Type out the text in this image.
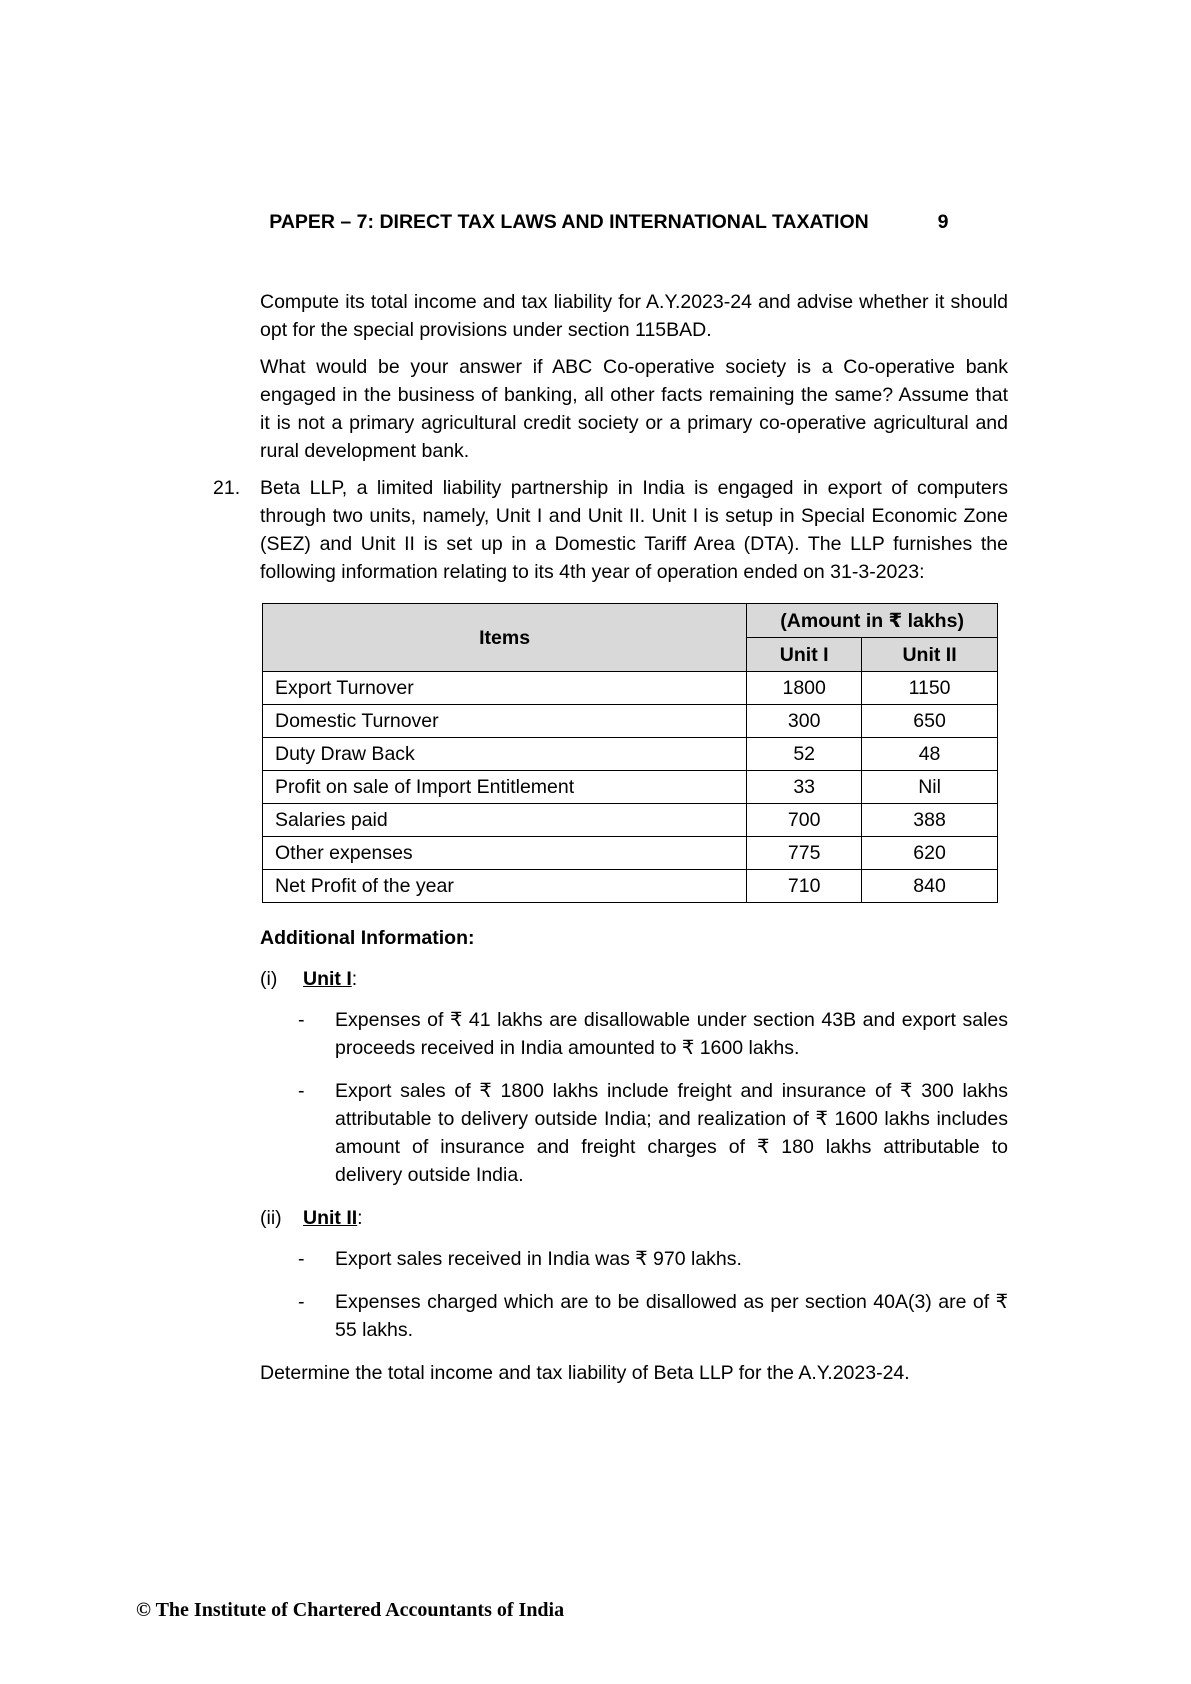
PAPER – 7: DIRECT TAX LAWS AND INTERNATIONAL TAXATION	9

Compute its total income and tax liability for A.Y.2023-24 and advise whether it should opt for the special provisions under section 115BAD.

What would be your answer if ABC Co-operative society is a Co-operative bank engaged in the business of banking, all other facts remaining the same? Assume that it is not a primary agricultural credit society or a primary co-operative agricultural and rural development bank.

21. Beta LLP, a limited liability partnership in India is engaged in export of computers through two units, namely, Unit I and Unit II. Unit I is setup in Special Economic Zone (SEZ) and Unit II is set up in a Domestic Tariff Area (DTA). The LLP furnishes the following information relating to its 4th year of operation ended on 31-3-2023:

Items	(Amount in ₹ lakhs)	
	Unit I	Unit II
Export Turnover	1800	1150
Domestic Turnover	300	650
Duty Draw Back	52	48
Profit on sale of Import Entitlement	33	Nil
Salaries paid	700	388
Other expenses	775	620
Net Profit of the year	710	840

Additional Information:

(i)	Unit I:
-	Expenses of ₹ 41 lakhs are disallowable under section 43B and export sales proceeds received in India amounted to ₹ 1600 lakhs.
-	Export sales of ₹ 1800 lakhs include freight and insurance of ₹ 300 lakhs attributable to delivery outside India; and realization of ₹ 1600 lakhs includes amount of insurance and freight charges of ₹ 180 lakhs attributable to delivery outside India.
(ii)	Unit II:
-	Export sales received in India was ₹ 970 lakhs.
-	Expenses charged which are to be disallowed as per section 40A(3) are of ₹ 55 lakhs.

Determine the total income and tax liability of Beta LLP for the A.Y.2023-24.

© The Institute of Chartered Accountants of India
